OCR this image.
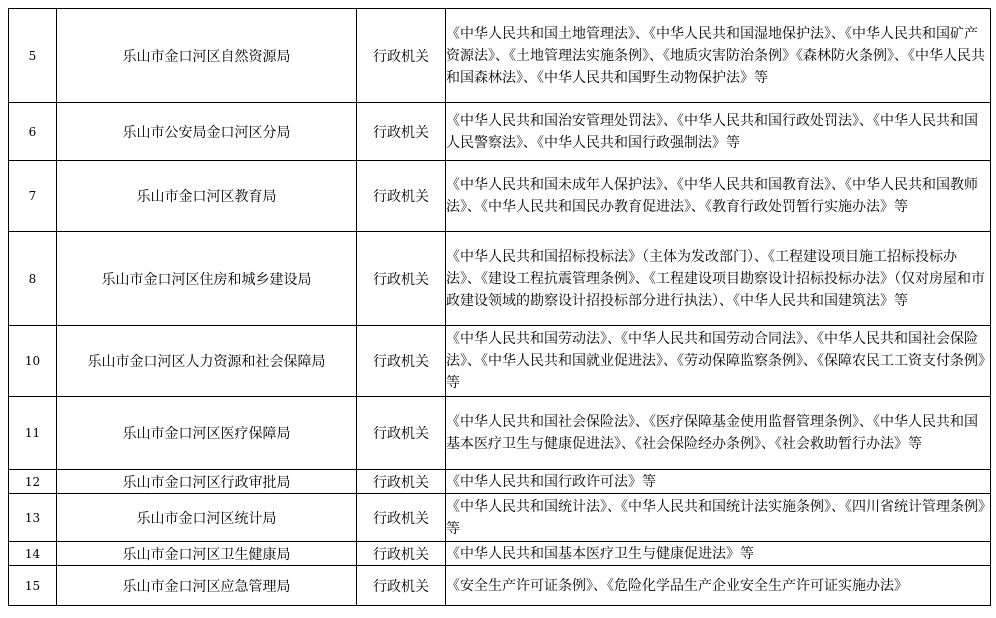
5	乐山市金口河区自然资源局	行政机关	《中华人民共和国土地管理法》、《中华人民共和国湿地保护法》、《中华人民共和国矿产资源法》、《土地管理法实施条例》、《地质灾害防治条例》《森林防火条例》、《中华人民共和国森林法》、《中华人民共和国野生动物保护法》等
6	乐山市公安局金口河区分局	行政机关	《中华人民共和国治安管理处罚法》、《中华人民共和国行政处罚法》、《中华人民共和国人民警察法》、《中华人民共和国行政强制法》等
7	乐山市金口河区教育局	行政机关	《中华人民共和国未成年人保护法》、《中华人民共和国教育法》、《中华人民共和国教师法》、《中华人民共和国民办教育促进法》、《教育行政处罚暂行实施办法》等
8	乐山市金口河区住房和城乡建设局	行政机关	《中华人民共和国招标投标法》（主体为发改部门）、《工程建设项目施工招标投标办法》、《建设工程抗震管理条例》、《工程建设项目勘察设计招标投标办法》（仅对房屋和市政建设领域的勘察设计招投标部分进行执法）、《中华人民共和国建筑法》等
10	乐山市金口河区人力资源和社会保障局	行政机关	《中华人民共和国劳动法》、《中华人民共和国劳动合同法》、《中华人民共和国社会保险法》、《中华人民共和国就业促进法》、《劳动保障监察条例》、《保障农民工工资支付条例》等
11	乐山市金口河区医疗保障局	行政机关	《中华人民共和国社会保险法》、《医疗保障基金使用监督管理条例》、《中华人民共和国基本医疗卫生与健康促进法》、《社会保险经办条例》、《社会救助暂行办法》等
12	乐山市金口河区行政审批局	行政机关	《中华人民共和国行政许可法》等
13	乐山市金口河区统计局	行政机关	《中华人民共和国统计法》、《中华人民共和国统计法实施条例》、《四川省统计管理条例》等
14	乐山市金口河区卫生健康局	行政机关	《中华人民共和国基本医疗卫生与健康促进法》等
15	乐山市金口河区应急管理局	行政机关	《安全生产许可证条例》、《危险化学品生产企业安全生产许可证实施办法》
